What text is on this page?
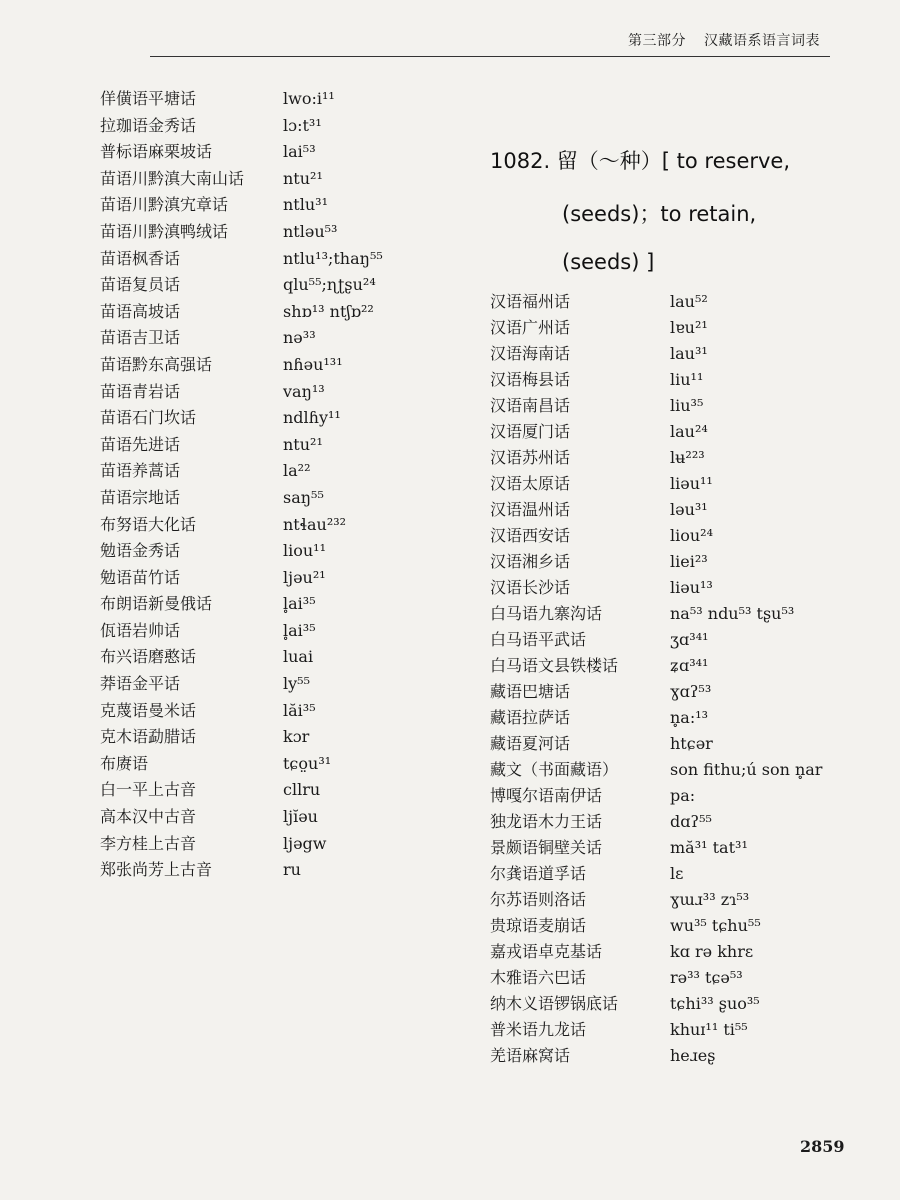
第三部分 汉藏语系语言词表
佯僙语平塘话	lwo:i¹¹
拉珈语金秀话	lɔ:t³¹
普标语麻栗坡话	lai⁵³
苗语川黔滇大南山话 ntu²¹
苗语川黔滇宄章话	ntlu³¹
苗语川黔滇鸭绒话	ntləu⁵³
苗语枫香话	ntlu¹³;thaŋ⁵⁵
苗语复员话	qlu⁵⁵;ɳʈʂu²⁴
苗语高坡话	shɒ¹³ ntʃɒ²²
苗语吉卫话	nə³³
苗语黔东高强话	nɦəu¹³¹
苗语青岩话	vaŋ¹³
苗语石门坎话	ndlɦy¹¹
苗语先进话	ntu²¹
苗语养蒿话	la²²
苗语宗地话	saŋ⁵⁵
布努语大化话	ntɬau²³²
勉语金秀话	liou¹¹
勉语苗竹话	ljəu²¹
布朗语新曼俄话	l̥ai³⁵
佤语岩帅话	l̥ai³⁵
布兴语磨憨话	luai
莽语金平话	ly⁵⁵
克蔑语曼米话	lăi³⁵
克木语勐腊话	kɔr
布赓语	tɕo̤u³¹
白一平上古音	cllru
高本汉中古音	ljĭəu
李方桂上古音	ljəgw
郑张尚芳上古音	ru
1082. 留（～种）[ to reserve,
(seeds)；to retain,
(seeds) ]
汉语福州话	lau⁵²
汉语广州话	lɐu²¹
汉语海南话	lau³¹
汉语梅县话	liu¹¹
汉语南昌话	liu³⁵
汉语厦门话	lau²⁴
汉语苏州话	lʉ²²³
汉语太原话	liəu¹¹
汉语温州话	ləu³¹
汉语西安话	liou²⁴
汉语湘乡话	liei²³
汉语长沙话	liəu¹³
白马语九寨沟话	na⁵³ ndu⁵³ tʂu⁵³
白马语平武话	ʒɑ³⁴¹
白马语文县铁楼话	ʑɑ³⁴¹
藏语巴塘话	ɣɑʔ⁵³
藏语拉萨话	n̥a:¹³
藏语夏河话	htɕər
藏文（书面藏语）	son fithu;ú son n̥ar
博嘎尔语南伊话	pa:
独龙语木力王话	dɑʔ⁵⁵
景颇语铜壁关话	mă³¹ tat³¹
尔龚语道孚话	lɛ
尔苏语则洛话	ɣɯɹ³³ zɿ⁵³
贵琼语麦崩话	wu³⁵ tɕhu⁵⁵
嘉戎语卓克基话	kɑ rə khrɛ
木雅语六巴话	rə³³ tɕə⁵³
纳木义语锣锅底话	tɕhi³³ ʂuo³⁵
普米语九龙话	khuɪ¹¹ ti⁵⁵
羌语麻窝话	heɹeʂ
2859
